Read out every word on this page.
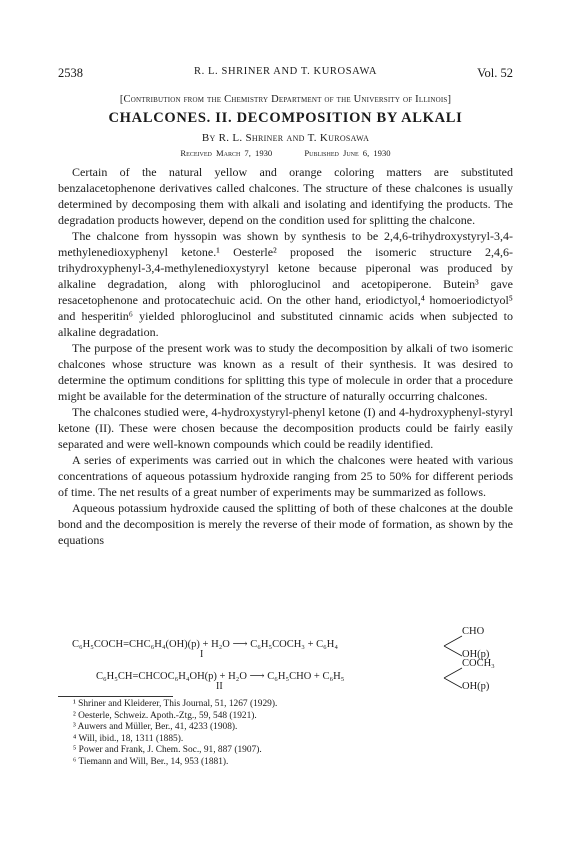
2538	R. L. SHRINER AND T. KUROSAWA	Vol. 52
[Contribution from the Chemistry Department of the University of Illinois]
CHALCONES. II. DECOMPOSITION BY ALKALI
By R. L. Shriner and T. Kurosawa
Received March 7, 1930	Published June 6, 1930

Certain of the natural yellow and orange coloring matters are substituted benzalacetophenone derivatives called chalcones. The structure of these chalcones is usually determined by decomposing them with alkali and isolating and identifying the products. The degradation products however, depend on the condition used for splitting the chalcone.

The chalcone from hyssopin was shown by synthesis to be 2,4,6-trihydroxystyryl-3,4-methylenedioxyphenyl ketone.¹ Oesterle² proposed the isomeric structure 2,4,6-trihydroxyphenyl-3,4-methylenedioxystyryl ketone because piperonal was produced by alkaline degradation, along with phloroglucinol and acetopiperone. Butein³ gave resacetophenone and protocatechuic acid. On the other hand, eriodictyol,⁴ homoeriodictyol⁵ and hesperitin⁶ yielded phloroglucinol and substituted cinnamic acids when subjected to alkaline degradation.

The purpose of the present work was to study the decomposition by alkali of two isomeric chalcones whose structure was known as a result of their synthesis. It was desired to determine the optimum conditions for splitting this type of molecule in order that a procedure might be available for the determination of the structure of naturally occurring chalcones.

The chalcones studied were, 4-hydroxystyryl-phenyl ketone (I) and 4-hydroxyphenyl-styryl ketone (II). These were chosen because the decomposition products could be fairly easily separated and were well-known compounds which could be readily identified.

A series of experiments was carried out in which the chalcones were heated with various concentrations of aqueous potassium hydroxide ranging from 25 to 50% for different periods of time. The net results of a great number of experiments may be summarized as follows.

Aqueous potassium hydroxide caused the splitting of both of these chalcones at the double bond and the decomposition is merely the reverse of their mode of formation, as shown by the equations

C₆H₅COCH=CHC₆H₄(OH)(p) + H₂O ⟶ C₆H₅COCH₃ + C₆H₄
CHO
OH(p)
I
C₆H₅CH=CHCOC₆H₄OH(p) + H₂O ⟶ C₆H₅CHO + C₆H₅
COCH₃
OH(p)
II
¹ Shriner and Kleiderer, This Journal, 51, 1267 (1929).
² Oesterle, Schweiz. Apoth.-Ztg., 59, 548 (1921).
³ Auwers and Müller, Ber., 41, 4233 (1908).
⁴ Will, ibid., 18, 1311 (1885).
⁵ Power and Frank, J. Chem. Soc., 91, 887 (1907).
⁶ Tiemann and Will, Ber., 14, 953 (1881).
